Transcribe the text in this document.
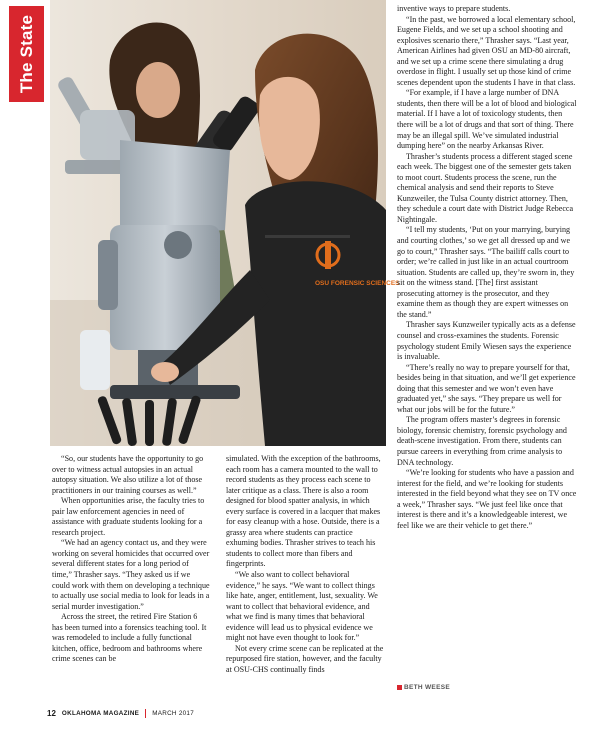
The State
OSU FORENSIC SCIENCES

“So, our students have the opportunity to go over to witness actual autopsies in an actual autopsy situation. We also utilize a lot of those practitioners in our training courses as well.”

When opportunities arise, the faculty tries to pair law enforcement agencies in need of assistance with graduate students looking for a research project.

“We had an agency contact us, and they were working on several homicides that occurred over several different states for a long period of time,” Thrasher says. “They asked us if we could work with them on developing a technique to actually use social media to look for leads in a serial murder investigation.”

Across the street, the retired Fire Station 6 has been turned into a forensics teaching tool. It was remodeled to include a fully functional kitchen, office, bedroom and bathrooms where crime scenes can be

simulated. With the exception of the bathrooms, each room has a camera mounted to the wall to record students as they process each scene to later critique as a class. There is also a room designed for blood spatter analysis, in which every surface is covered in a lacquer that makes for easy cleanup with a hose. Outside, there is a grassy area where students can practice exhuming bodies. Thrasher strives to teach his students to collect more than fibers and fingerprints.

“We also want to collect behavioral evidence,” he says. “We want to collect things like hate, anger, entitlement, lust, sexuality. We want to collect that behavioral evidence, and what we find is many times that behavioral evidence will lead us to physical evidence we might not have even thought to look for.”

Not every crime scene can be replicated at the repurposed fire station, however, and the faculty at OSU-CHS continually finds

inventive ways to prepare students.

“In the past, we borrowed a local elementary school, Eugene Fields, and we set up a school shooting and explosives scenario there,” Thrasher says. “Last year, American Airlines had given OSU an MD-80 aircraft, and we set up a crime scene there simulating a drug overdose in flight. I usually set up those kind of crime scenes dependent upon the students I have in that class.

“For example, if I have a large number of DNA students, then there will be a lot of blood and biological material. If I have a lot of toxicology students, then there will be a lot of drugs and that sort of thing. There may be an illegal spill. We’ve simulated industrial dumping here” on the nearby Arkansas River.

Thrasher’s students process a different staged scene each week. The biggest one of the semester gets taken to moot court. Students process the scene, run the chemical analysis and send their reports to Steve Kunzweiler, the Tulsa County district attorney. Then, they schedule a court date with District Judge Rebecca Nightingale.

“I tell my students, ‘Put on your marrying, burying and courting clothes,’ so we get all dressed up and we go to court,” Thrasher says. “The bailiff calls court to order; we’re called in just like in an actual courtroom situation. Students are called up, they’re sworn in, they sit on the witness stand. [The] first assistant prosecuting attorney is the prosecutor, and they examine them as though they are expert witnesses on the stand.”

Thrasher says Kunzweiler typically acts as a defense counsel and cross-examines the students. Forensic psychology student Emily Wiesen says the experience is invaluable.

“There’s really no way to prepare yourself for that, besides being in that situation, and we’ll get experience doing that this semester and we won’t even have graduated yet,” she says. “They prepare us well for what our jobs will be for the future.”

The program offers master’s degrees in forensic biology, forensic chemistry, forensic psychology and death-scene investigation. From there, students can pursue careers in everything from crime analysis to DNA technology.

“We’re looking for students who have a passion and interest for the field, and we’re looking for students interested in the field beyond what they see on TV once a week,” Thrasher says. “We just feel like once that interest is there and it’s a knowledgeable interest, we feel like we are their vehicle to get there.”

BETH WEESE
12 OKLAHOMA MAGAZINE MARCH 2017
